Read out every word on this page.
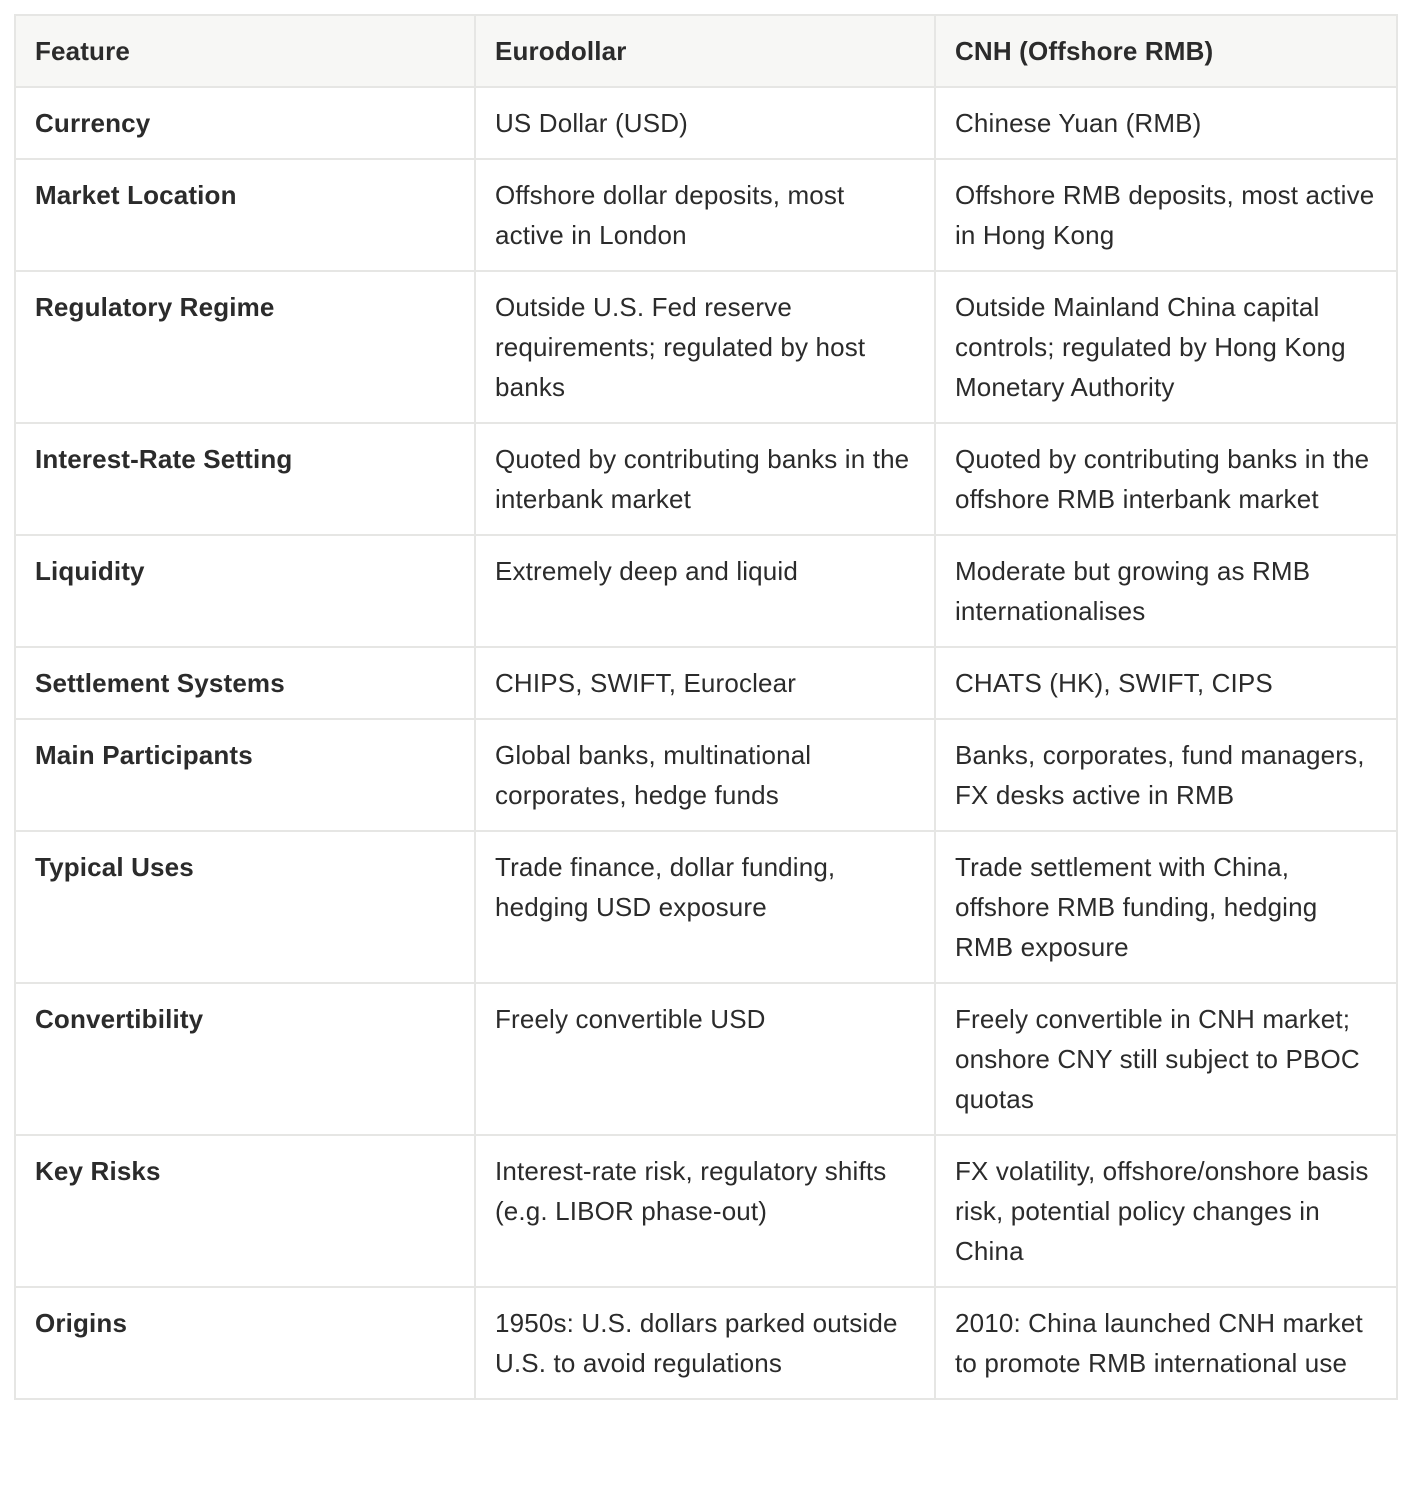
Feature	Eurodollar	CNH (Offshore RMB)
Currency	US Dollar (USD)	Chinese Yuan (RMB)
Market Location	Offshore dollar deposits, most active in London	Offshore RMB deposits, most active in Hong Kong
Regulatory Regime	Outside U.S. Fed reserve requirements; regulated by host banks	Outside Mainland China capital controls; regulated by Hong Kong Monetary Authority
Interest-Rate Setting	Quoted by contributing banks in the interbank market	Quoted by contributing banks in the offshore RMB interbank market
Liquidity	Extremely deep and liquid	Moderate but growing as RMB internationalises
Settlement Systems	CHIPS, SWIFT, Euroclear	CHATS (HK), SWIFT, CIPS
Main Participants	Global banks, multinational corporates, hedge funds	Banks, corporates, fund managers, FX desks active in RMB
Typical Uses	Trade finance, dollar funding, hedging USD exposure	Trade settlement with China, offshore RMB funding, hedging RMB exposure
Convertibility	Freely convertible USD	Freely convertible in CNH market; onshore CNY still subject to PBOC quotas
Key Risks	Interest-rate risk, regulatory shifts (e.g. LIBOR phase-out)	FX volatility, offshore/onshore basis risk, potential policy changes in China
Origins	1950s: U.S. dollars parked outside U.S. to avoid regulations	2010: China launched CNH market to promote RMB international use
